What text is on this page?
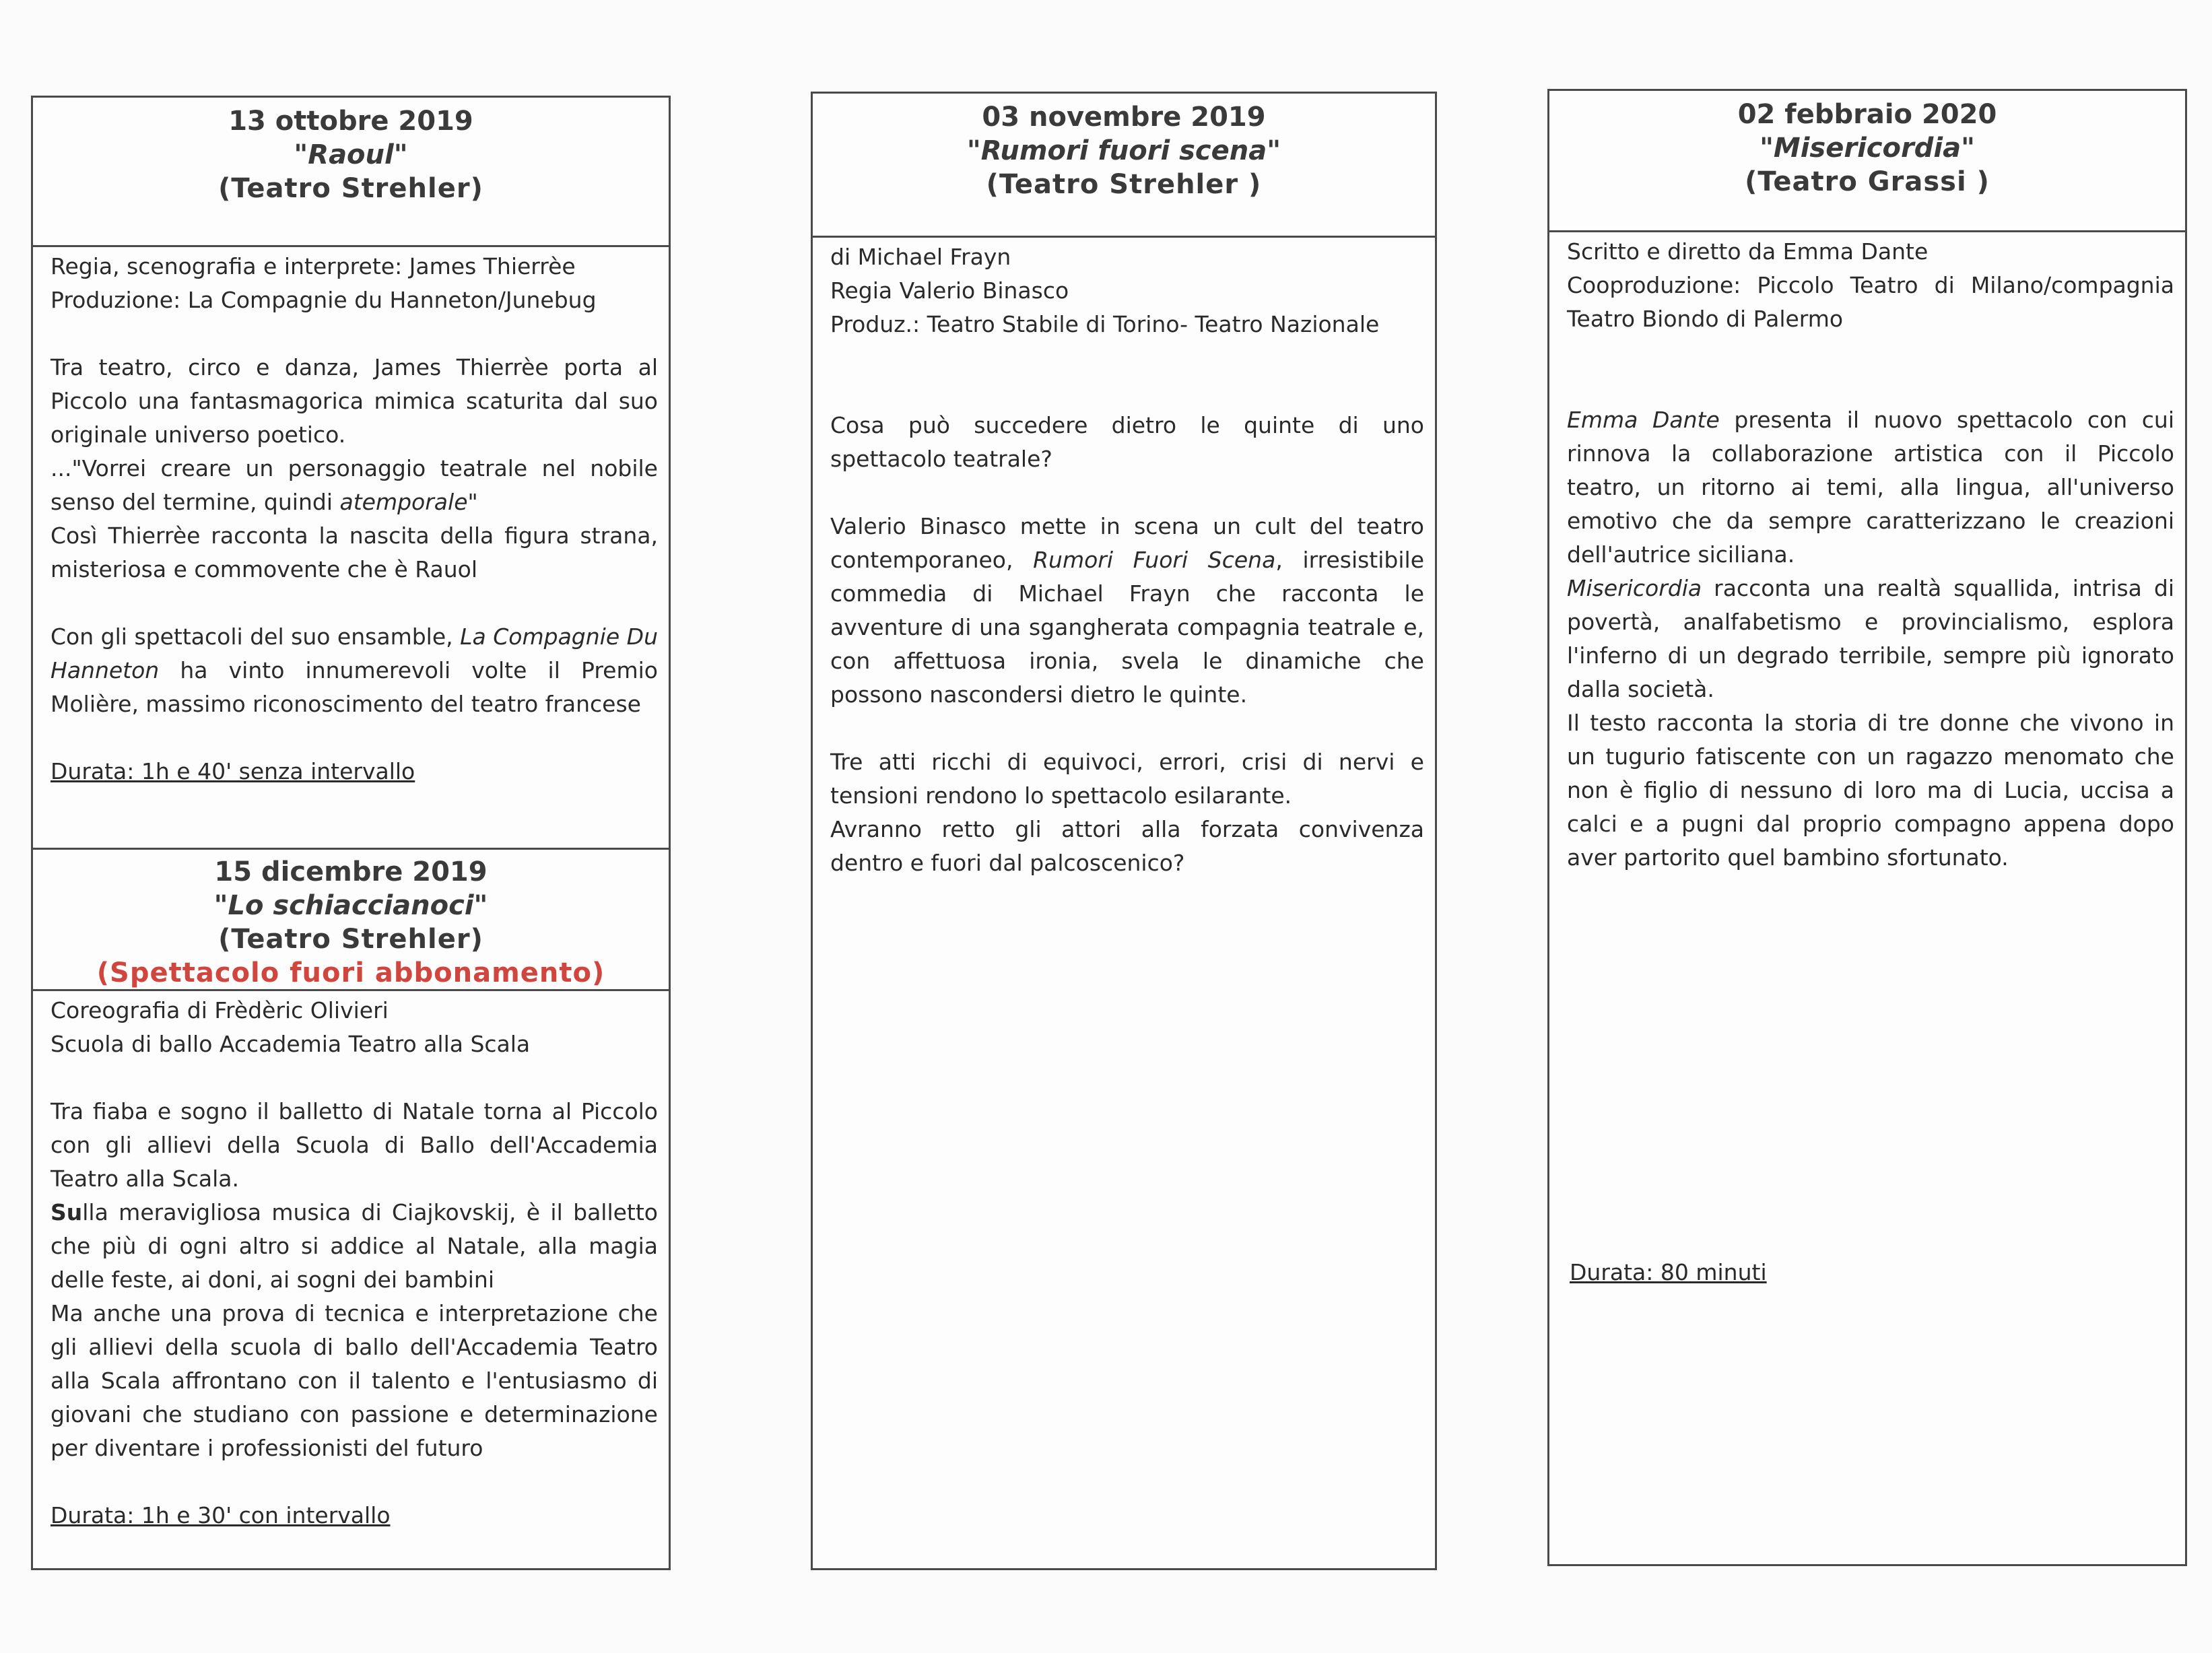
13 ottobre 2019
"Raoul"
(Teatro Strehler)

Regia, scenografia e interprete: James Thierrèe

Produzione: La Compagnie du Hanneton/Junebug

Tra teatro, circo e danza, James Thierrèe porta al Piccolo una fantasmagorica mimica scaturita dal suo originale universo poetico.

..."Vorrei creare un personaggio teatrale nel nobile senso del termine, quindi atemporale"

Così Thierrèe racconta la nascita della figura strana, misteriosa e commovente che è Rauol

Con gli spettacoli del suo ensamble, La Compagnie Du Hanneton ha vinto innumerevoli volte il Premio Molière, massimo riconoscimento del teatro francese

Durata: 1h e 40' senza intervallo

15 dicembre 2019
"Lo schiaccianoci"
(Teatro Strehler)
(Spettacolo fuori abbonamento)

Coreografia di Frèdèric Olivieri

Scuola di ballo Accademia Teatro alla Scala

Tra fiaba e sogno il balletto di Natale torna al Piccolo con gli allievi della Scuola di Ballo dell'Accademia Teatro alla Scala.

Sulla meravigliosa musica di Ciajkovskij, è il balletto che più di ogni altro si addice al Natale, alla magia delle feste, ai doni, ai sogni dei bambini

Ma anche una prova di tecnica e interpretazione che gli allievi della scuola di ballo dell'Accademia Teatro alla Scala affrontano con il talento e l'entusiasmo di giovani che studiano con passione e determinazione per diventare i professionisti del futuro

Durata: 1h e 30' con intervallo

03 novembre 2019
"Rumori fuori scena"
(Teatro Strehler )

di Michael Frayn

Regia Valerio Binasco

Produz.: Teatro Stabile di Torino- Teatro Nazionale

Cosa può succedere dietro le quinte di uno spettacolo teatrale?

Valerio Binasco mette in scena un cult del teatro contemporaneo, Rumori Fuori Scena, irresistibile commedia di Michael Frayn che racconta le avventure di una sgangherata compagnia teatrale e, con affettuosa ironia, svela le dinamiche che possono nascondersi dietro le quinte.

Tre atti ricchi di equivoci, errori, crisi di nervi e tensioni rendono lo spettacolo esilarante.

Avranno retto gli attori alla forzata convivenza dentro e fuori dal palcoscenico?

02 febbraio 2020
"Misericordia"
(Teatro Grassi )

Scritto e diretto da Emma Dante

Cooproduzione: Piccolo Teatro di Milano/compagnia Teatro Biondo di Palermo

Emma Dante presenta il nuovo spettacolo con cui rinnova la collaborazione artistica con il Piccolo teatro, un ritorno ai temi, alla lingua, all'universo emotivo che da sempre caratterizzano le creazioni dell'autrice siciliana.

Misericordia racconta una realtà squallida, intrisa di povertà, analfabetismo e provincialismo, esplora l'inferno di un degrado terribile, sempre più ignorato dalla società.

Il testo racconta la storia di tre donne che vivono in un tugurio fatiscente con un ragazzo menomato che non è figlio di nessuno di loro ma di Lucia, uccisa a calci e a pugni dal proprio compagno appena dopo aver partorito quel bambino sfortunato.

Durata: 80 minuti
